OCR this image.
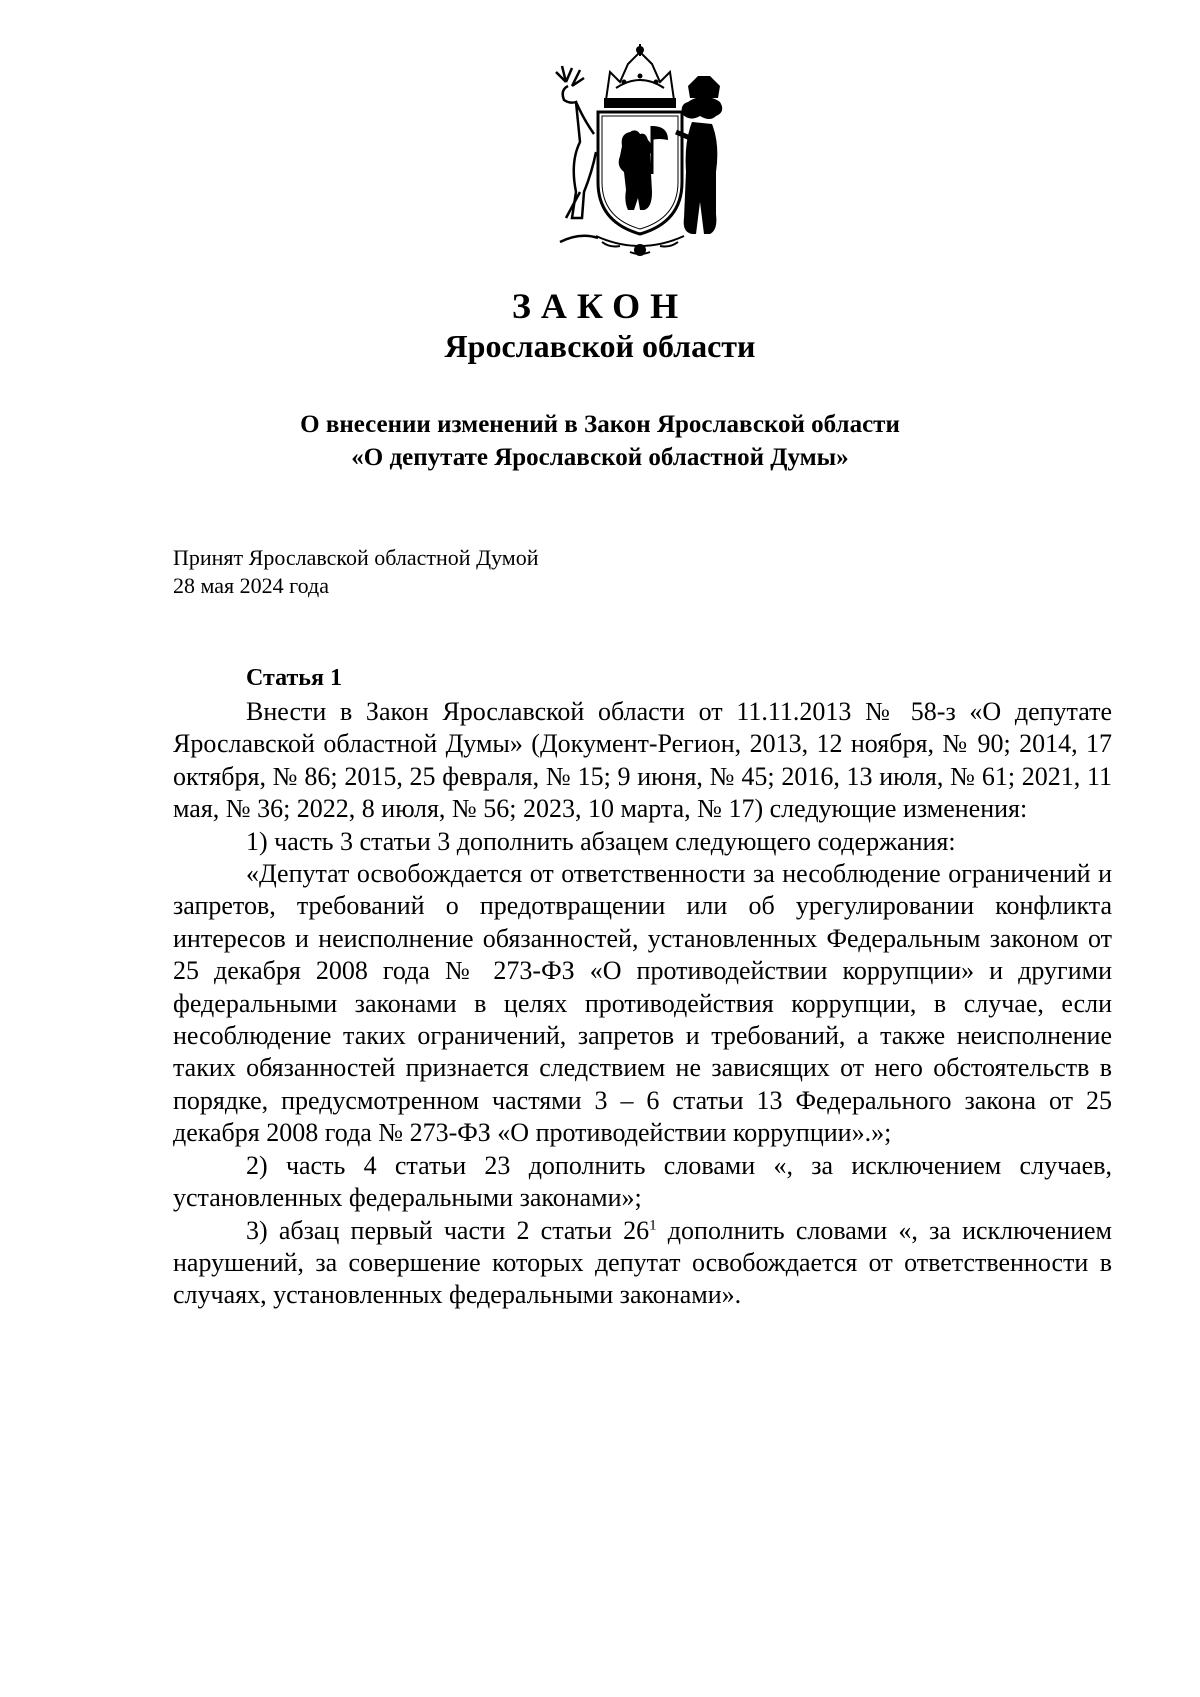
ЗАКОН
Ярославской области
О внесении изменений в Закон Ярославской области
«О депутате Ярославской областной Думы»
Принят Ярославской областной Думой
28 мая 2024 года
Статья 1

Внести в Закон Ярославской области от 11.11.2013 № 58-з «О депутате Ярославской областной Думы» (Документ-Регион, 2013, 12 ноября, № 90; 2014, 17 октября, № 86; 2015, 25 февраля, № 15; 9 июня, № 45; 2016, 13 июля, № 61; 2021, 11 мая, № 36; 2022, 8 июля, № 56; 2023, 10 марта, № 17) следующие изменения:

1) часть 3 статьи 3 дополнить абзацем следующего содержания:

«Депутат освобождается от ответственности за несоблюдение ограничений и запретов, требований о предотвращении или об урегулировании конфликта интересов и неисполнение обязанностей, установленных Федеральным законом от 25 декабря 2008 года № 273-ФЗ «О противодействии коррупции» и другими федеральными законами в целях противодействия коррупции, в случае, если несоблюдение таких ограничений, запретов и требований, а также неисполнение таких обязанностей признается следствием не зависящих от него обстоятельств в порядке, предусмотренном частями 3 – 6 статьи 13 Федерального закона от 25 декабря 2008 года № 273-ФЗ «О противодействии коррупции».»;

2) часть 4 статьи 23 дополнить словами «, за исключением случаев, установленных федеральными законами»;

3) абзац первый части 2 статьи $26^1$ дополнить словами «, за исключением нарушений, за совершение которых депутат освобождается от ответственности в случаях, установленных федеральными законами».
